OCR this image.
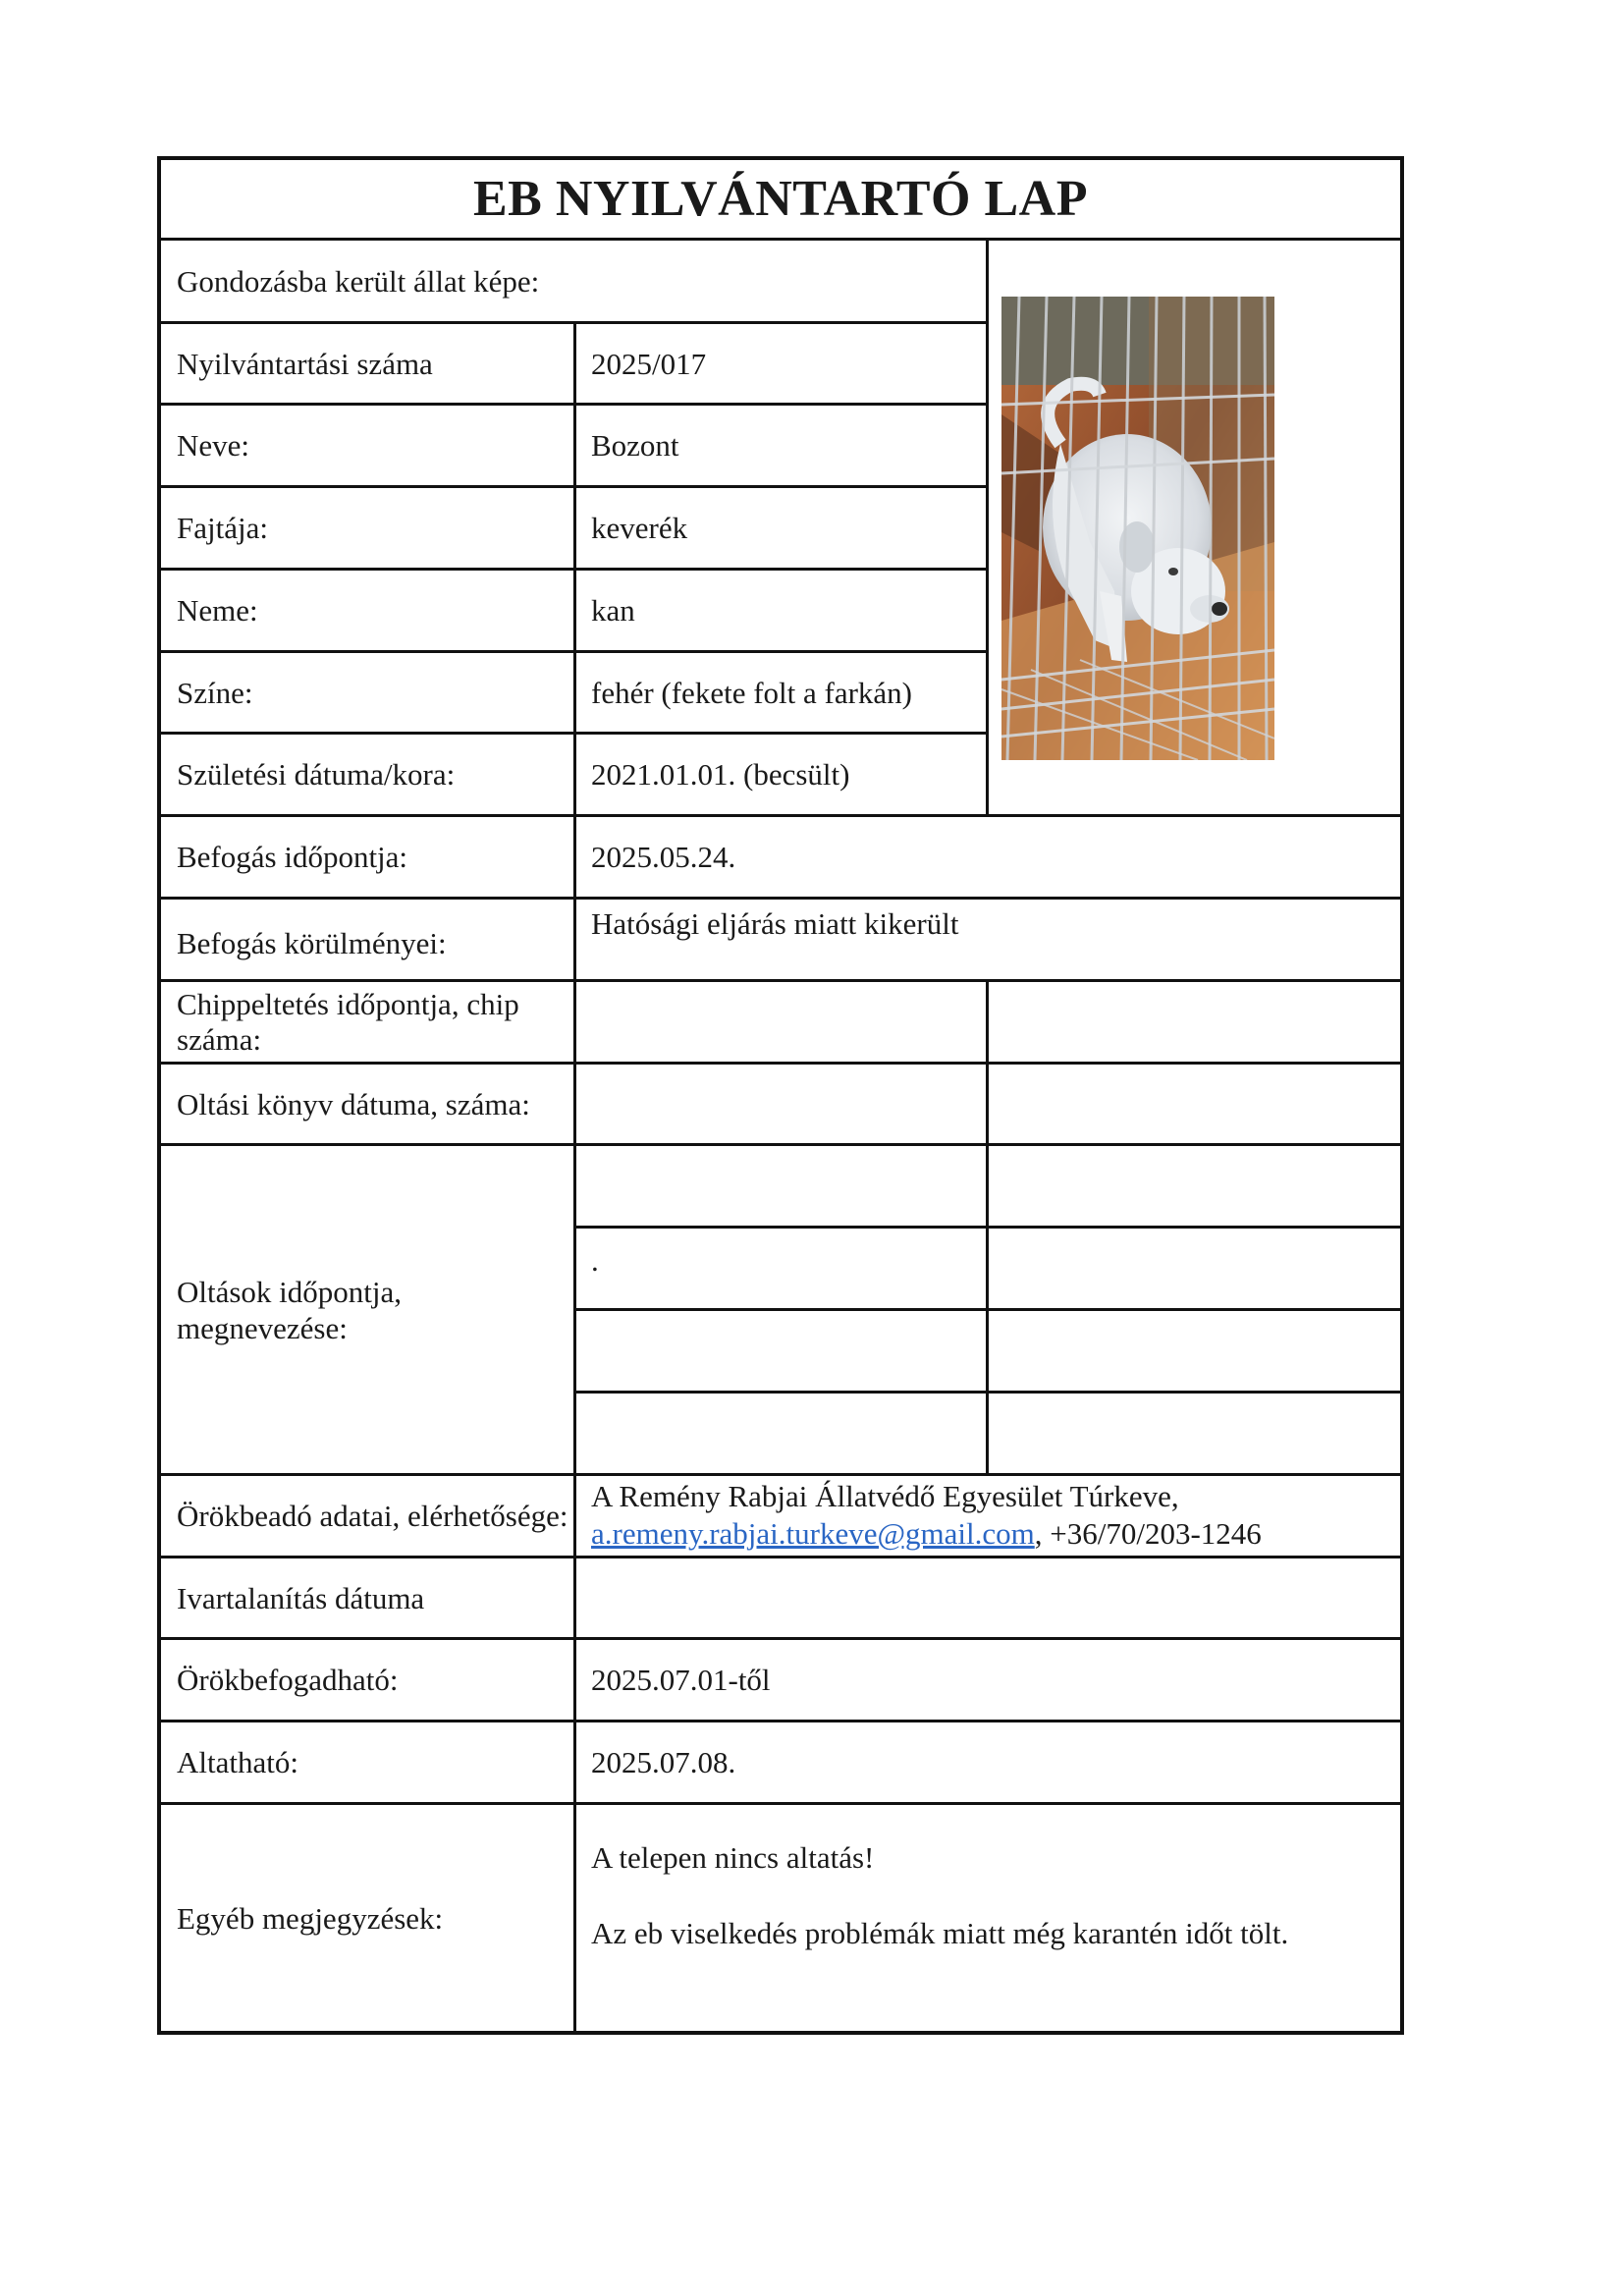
EB NYILVÁNTARTÓ LAP
Gondozásba került állat képe:
Nyilvántartási száma	2025/017
Neve:	Bozont
Fajtája:	keverék
Neme:	kan
Színe:	fehér (fekete folt a farkán)
Születési dátuma/kora:	2021.01.01. (becsült)
Befogás időpontja:	2025.05.24.
Befogás körülményei:
Hatósági eljárás miatt kikerült
Chippeltetés időpontja, chip száma:
Oltási könyv dátuma, száma:
Oltások időpontja, megnevezése:
.
Örökbeadó adatai, elérhetősége:
A Remény Rabjai Állatvédő Egyesület Túrkeve,
a.remeny.rabjai.turkeve@gmail.com, +36/70/203-1246
Ivartalanítás dátuma
Örökbefogadható:	2025.07.01-től
Altatható:	2025.07.08.
Egyéb megjegyzések:
A telepen nincs altatás!
Az eb viselkedés problémák miatt még karantén időt tölt.
